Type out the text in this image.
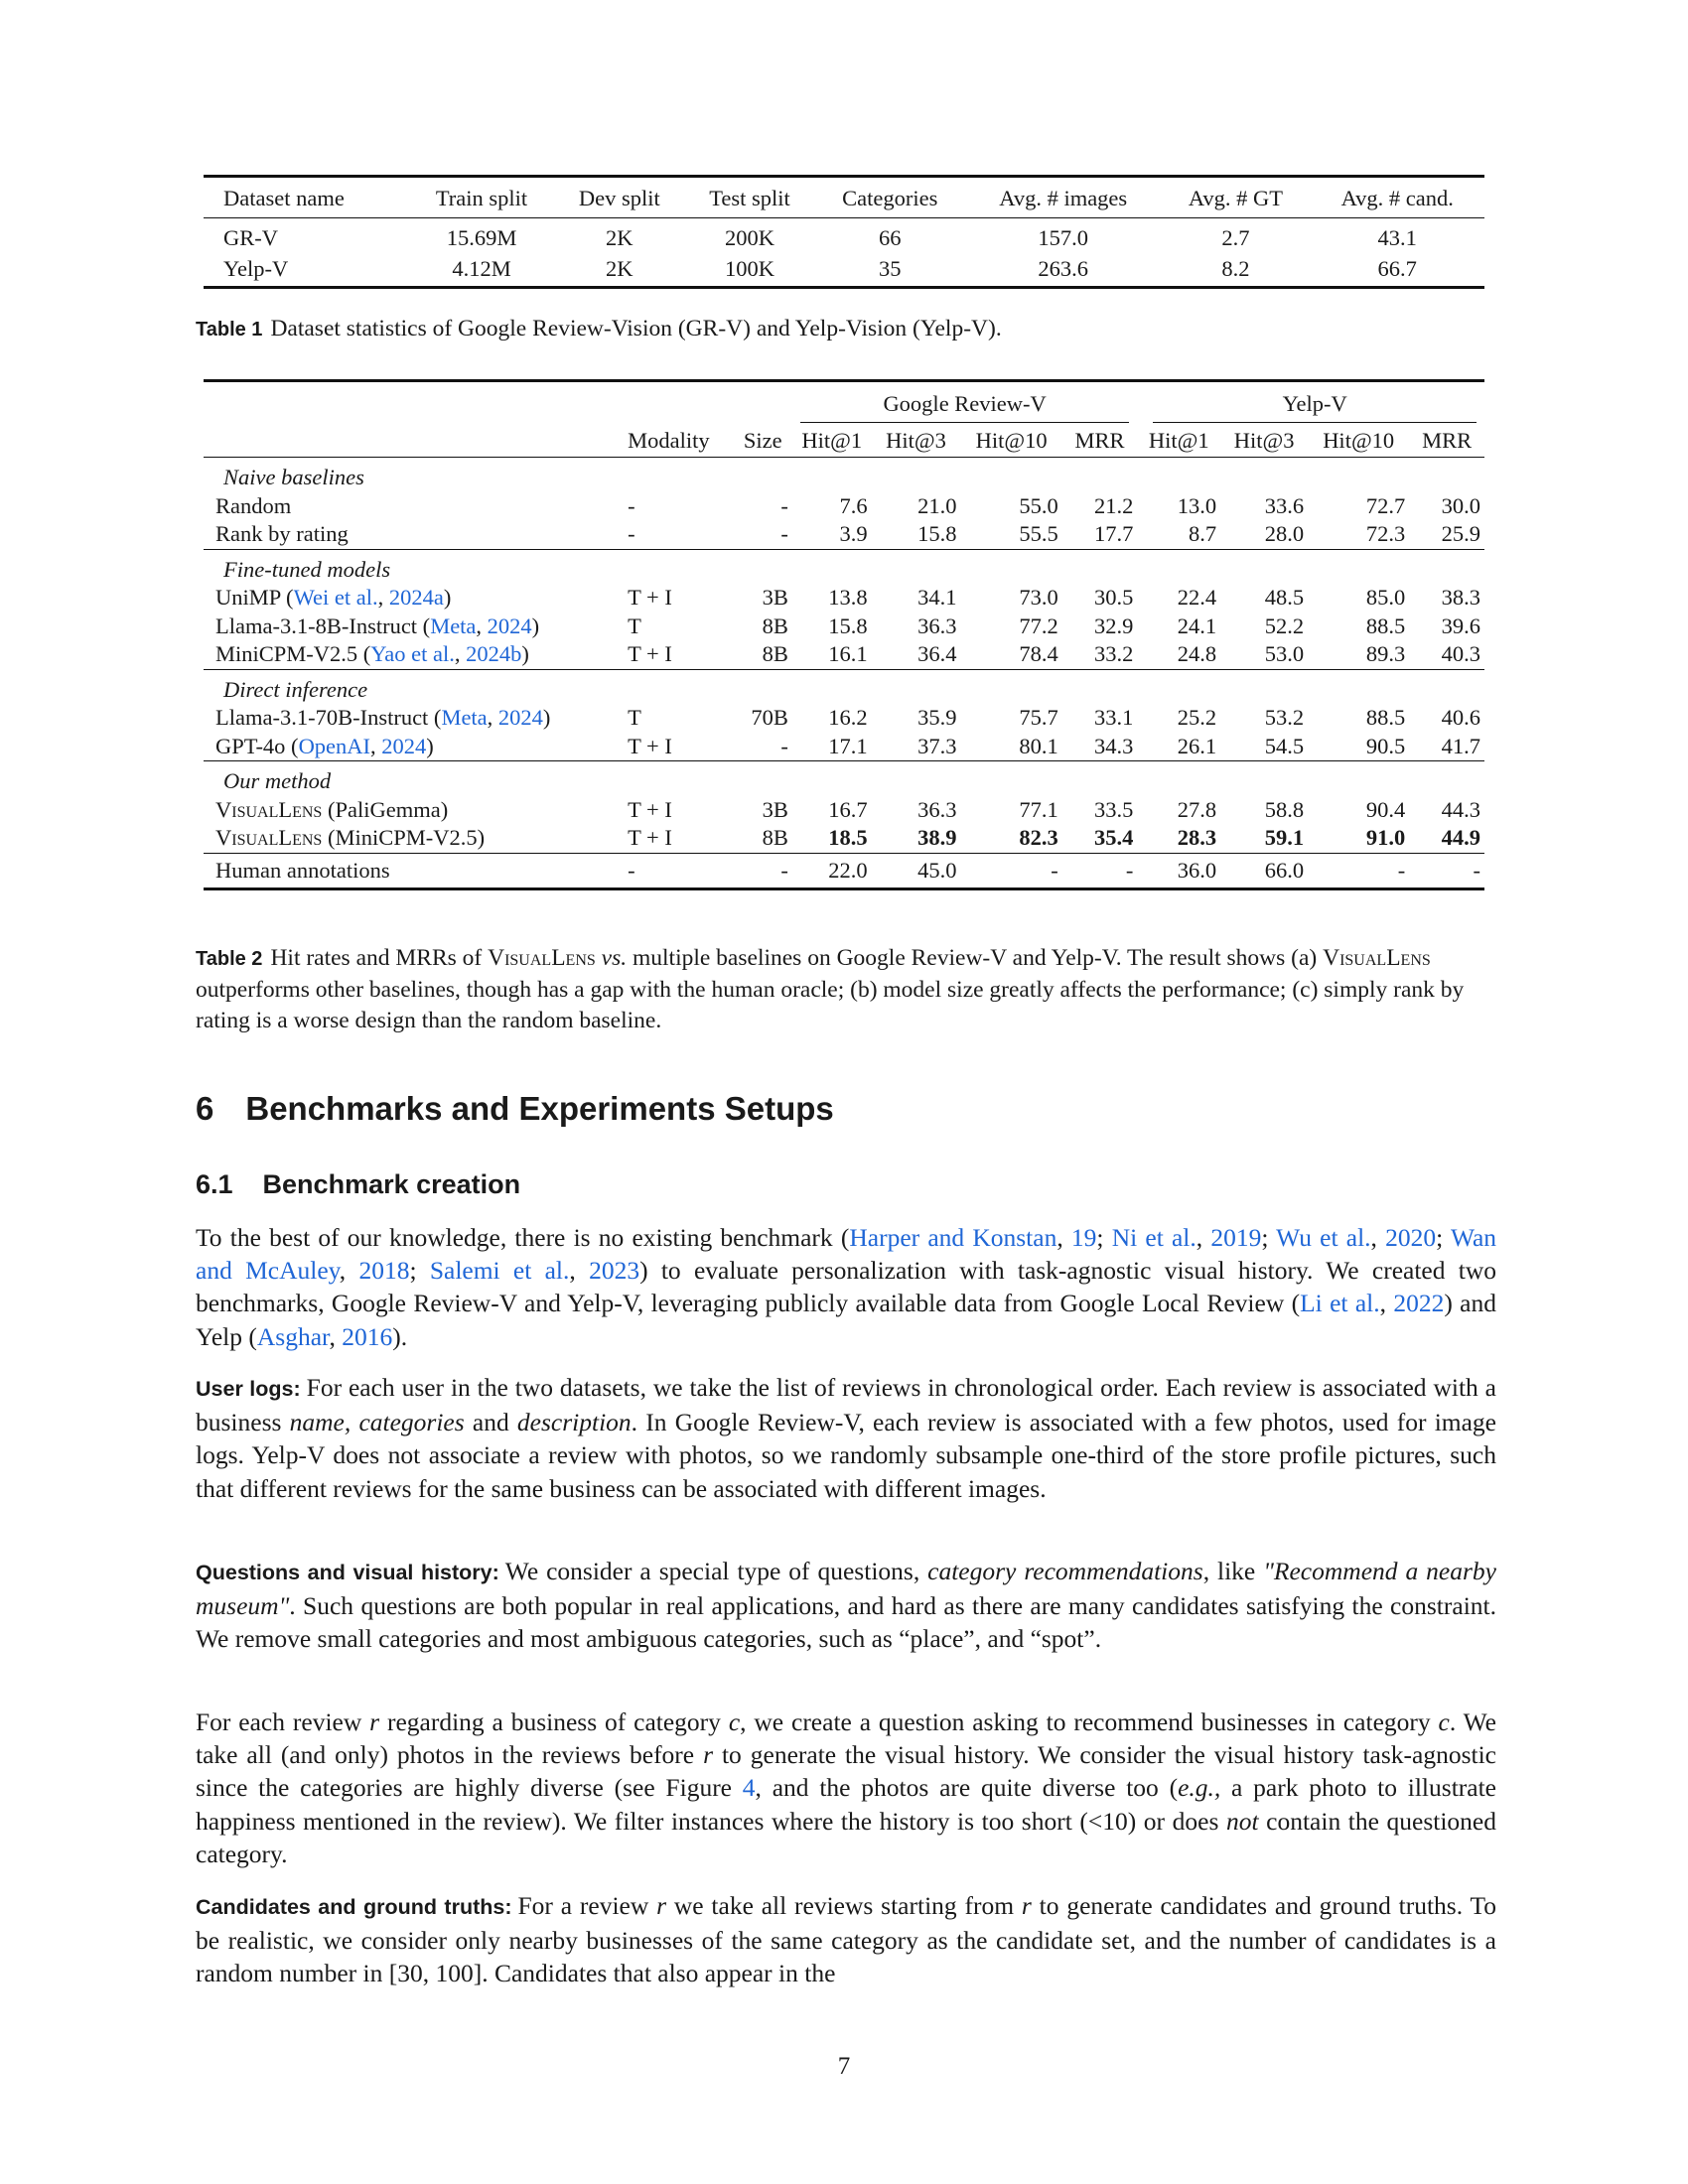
Dataset name	Train split	Dev split	Test split	Categories	Avg. # images	Avg. # GT	Avg. # cand.
GR-V	15.69M	2K	200K	66	157.0	2.7	43.1
Yelp-V	4.12M	2K	100K	35	263.6	8.2	66.7
Table 1 Dataset statistics of Google Review-Vision (GR-V) and Yelp-Vision (Yelp-V).

			Google Review-V				Yelp-V			

	Modality	Size	Hit@1	Hit@3	Hit@10	MRR	Hit@1	Hit@3	Hit@10	MRR
Naive baselines										
Random	-	-	7.6	21.0	55.0	21.2	13.0	33.6	72.7	30.0
Rank by rating	-	-	3.9	15.8	55.5	17.7	8.7	28.0	72.3	25.9
Fine-tuned models										
UniMP (Wei et al., 2024a)	T + I	3B	13.8	34.1	73.0	30.5	22.4	48.5	85.0	38.3
Llama-3.1-8B-Instruct (Meta, 2024)	T	8B	15.8	36.3	77.2	32.9	24.1	52.2	88.5	39.6
MiniCPM-V2.5 (Yao et al., 2024b)	T + I	8B	16.1	36.4	78.4	33.2	24.8	53.0	89.3	40.3
Direct inference										
Llama-3.1-70B-Instruct (Meta, 2024)	T	70B	16.2	35.9	75.7	33.1	25.2	53.2	88.5	40.6
GPT-4o (OpenAI, 2024)	T + I	-	17.1	37.3	80.1	34.3	26.1	54.5	90.5	41.7
Our method										
VisualLens (PaliGemma)	T + I	3B	16.7	36.3	77.1	33.5	27.8	58.8	90.4	44.3
VisualLens (MiniCPM-V2.5)	T + I	8B	18.5	38.9	82.3	35.4	28.3	59.1	91.0	44.9
Human annotations	-	-	22.0	45.0	-	-	36.0	66.0	-	-
Table 2 Hit rates and MRRs of VisualLens vs. multiple baselines on Google Review-V and Yelp-V. The result shows (a) VisualLens outperforms other baselines, though has a gap with the human oracle; (b) model size greatly affects the performance; (c) simply rank by rating is a worse design than the random baseline.
6 Benchmarks and Experiments Setups
6.1 Benchmark creation

To the best of our knowledge, there is no existing benchmark (Harper and Konstan, 19; Ni et al., 2019; Wu et al., 2020; Wan and McAuley, 2018; Salemi et al., 2023) to evaluate personalization with task-agnostic visual history. We created two benchmarks, Google Review-V and Yelp-V, leveraging publicly available data from Google Local Review (Li et al., 2022) and Yelp (Asghar, 2016).

User logs: For each user in the two datasets, we take the list of reviews in chronological order. Each review is associated with a business name, categories and description. In Google Review-V, each review is associated with a few photos, used for image logs. Yelp-V does not associate a review with photos, so we randomly subsample one-third of the store profile pictures, such that different reviews for the same business can be associated with different images.

Questions and visual history: We consider a special type of questions, category recommendations, like "Recommend a nearby museum". Such questions are both popular in real applications, and hard as there are many candidates satisfying the constraint. We remove small categories and most ambiguous categories, such as “place”, and “spot”.

For each review r regarding a business of category c, we create a question asking to recommend businesses in category c. We take all (and only) photos in the reviews before r to generate the visual history. We consider the visual history task-agnostic since the categories are highly diverse (see Figure 4, and the photos are quite diverse too (e.g., a park photo to illustrate happiness mentioned in the review). We filter instances where the history is too short (<10) or does not contain the questioned category.

Candidates and ground truths: For a review r we take all reviews starting from r to generate candidates and ground truths. To be realistic, we consider only nearby businesses of the same category as the candidate set, and the number of candidates is a random number in [30, 100]. Candidates that also appear in the

7
